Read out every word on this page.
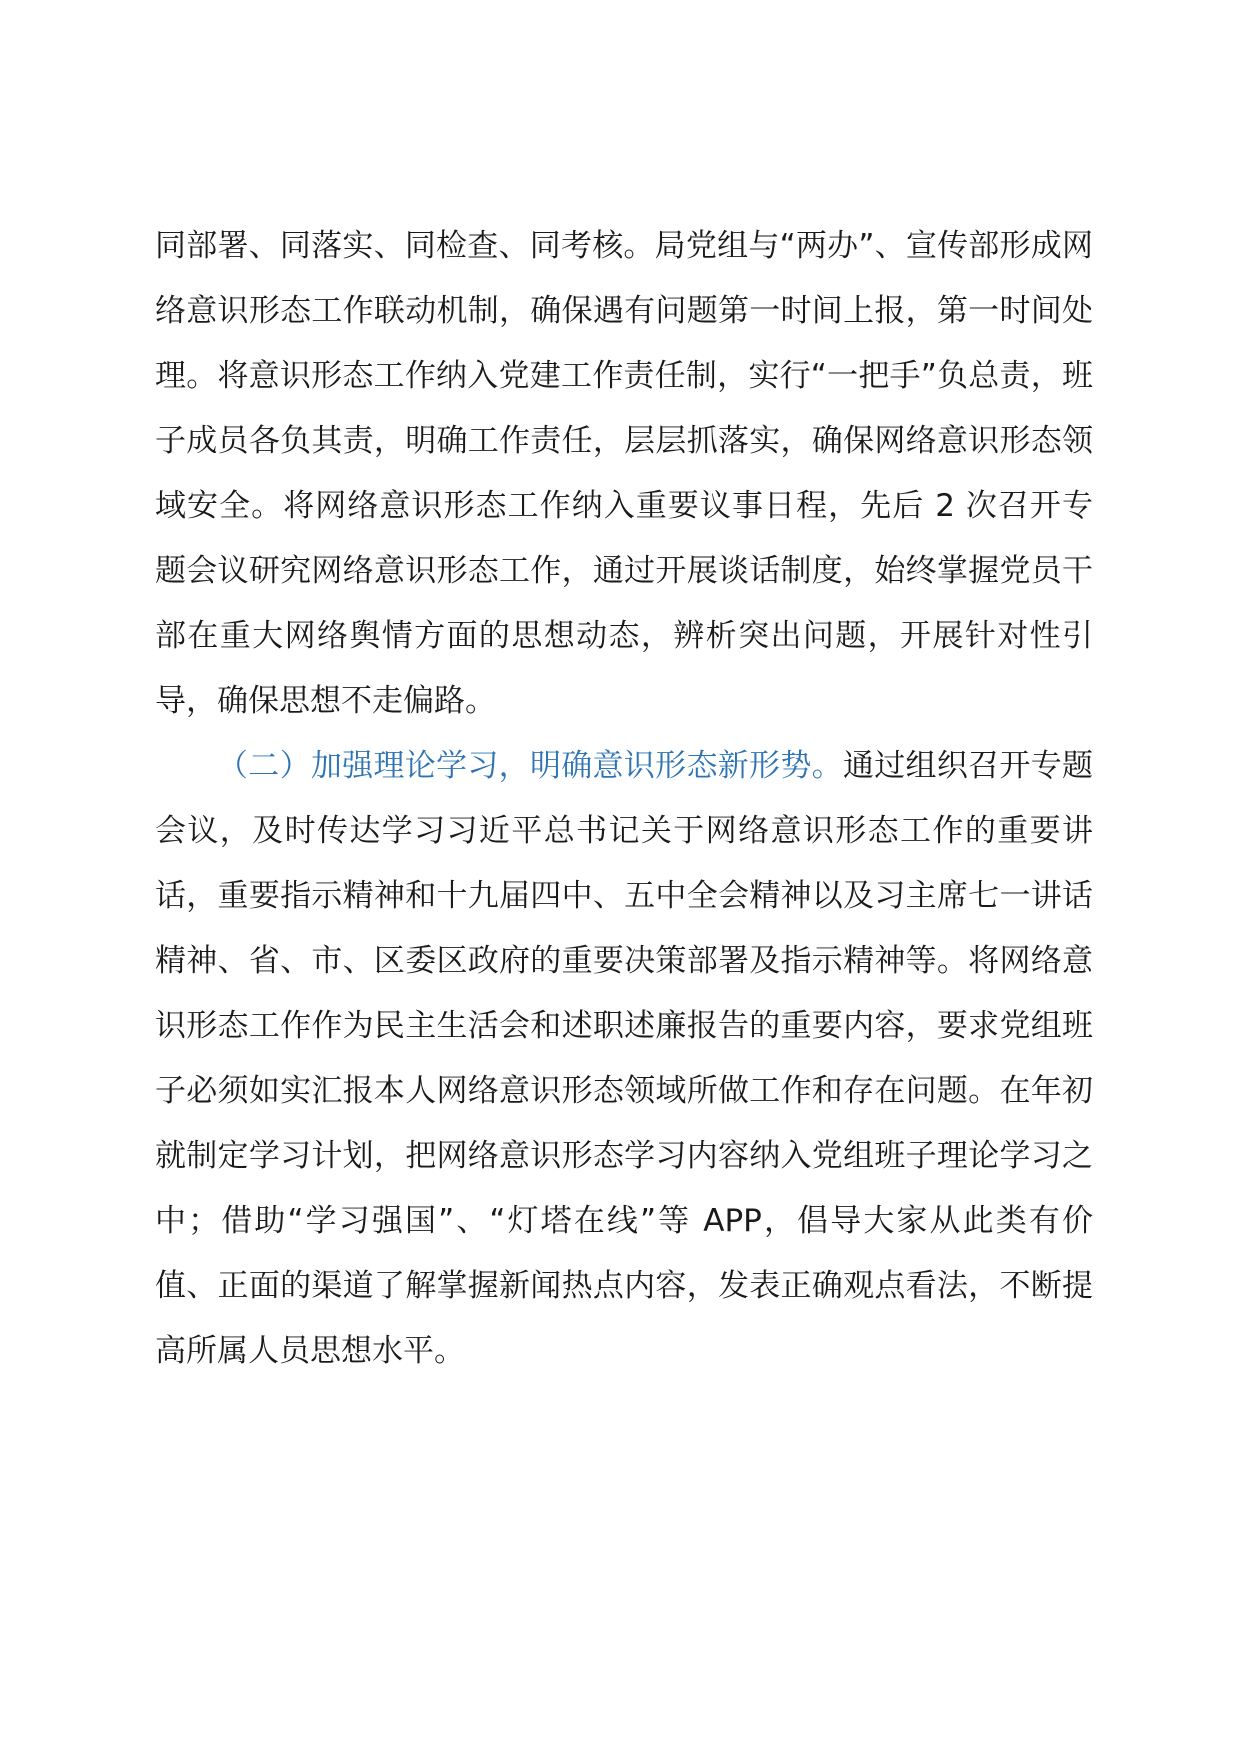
同部署、同落实、同检查、同考核。局党组与“两办”、宣传部形成网络意识形态工作联动机制，确保遇有问题第一时间上报，第一时间处理。将意识形态工作纳入党建工作责任制，实行“一把手”负总责，班子成员各负其责，明确工作责任，层层抓落实，确保网络意识形态领域安全。将网络意识形态工作纳入重要议事日程，先后 2 次召开专题会议研究网络意识形态工作，通过开展谈话制度，始终掌握党员干部在重大网络舆情方面的思想动态，辨析突出问题，开展针对性引导，确保思想不走偏路。

（二）加强理论学习，明确意识形态新形势。通过组织召开专题会议，及时传达学习习近平总书记关于网络意识形态工作的重要讲话，重要指示精神和十九届四中、五中全会精神以及习主席七一讲话精神、省、市、区委区政府的重要决策部署及指示精神等。将网络意识形态工作作为民主生活会和述职述廉报告的重要内容，要求党组班子必须如实汇报本人网络意识形态领域所做工作和存在问题。在年初就制定学习计划，把网络意识形态学习内容纳入党组班子理论学习之中；借助“学习强国”、“灯塔在线”等 APP，倡导大家从此类有价值、正面的渠道了解掌握新闻热点内容，发表正确观点看法，不断提高所属人员思想水平。
